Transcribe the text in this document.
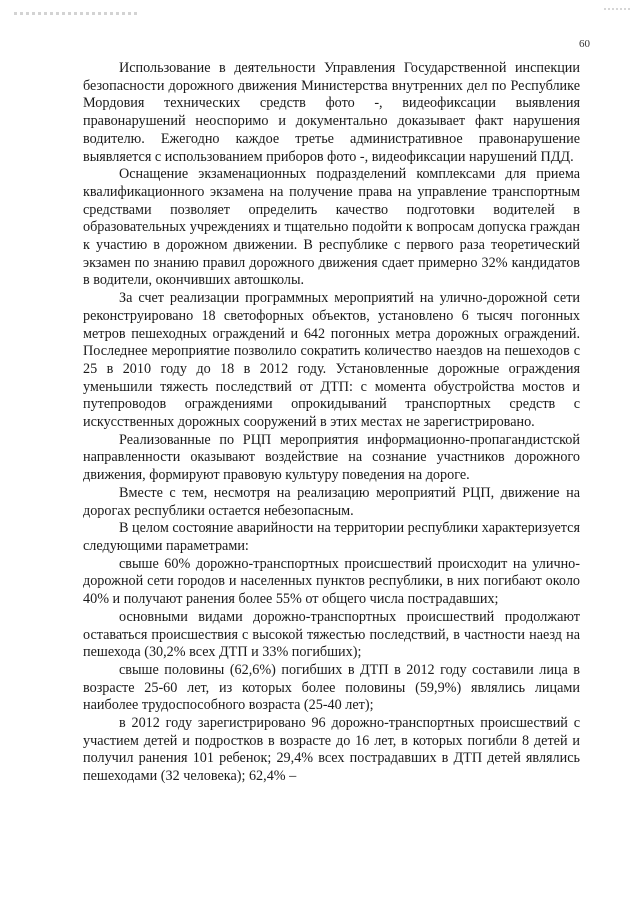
60

Использование в деятельности Управления Государственной инспекции безопасности дорожного движения Министерства внутренних дел по Республике Мордовия технических средств фото -, видеофиксации выявления правонарушений неоспоримо и документально доказывает факт нарушения водителю. Ежегодно каждое третье административное правонарушение выявляется с использованием приборов фото -, видеофиксации нарушений ПДД.

Оснащение экзаменационных подразделений комплексами для приема квалификационного экзамена на получение права на управление транспортным средствами позволяет определить качество подготовки водителей в образовательных учреждениях и тщательно подойти к вопросам допуска граждан к участию в дорожном движении. В республике с первого раза теоретический экзамен по знанию правил дорожного движения сдает примерно 32% кандидатов в водители, окончивших автошколы.

За счет реализации программных мероприятий на улично-дорожной сети реконструировано 18 светофорных объектов, установлено 6 тысяч погонных метров пешеходных ограждений и 642 погонных метра дорожных ограждений. Последнее мероприятие позволило сократить количество наездов на пешеходов с 25 в 2010 году до 18 в 2012 году. Установленные дорожные ограждения уменьшили тяжесть последствий от ДТП: с момента обустройства мостов и путепроводов ограждениями опрокидываний транспортных средств с искусственных дорожных сооружений в этих местах не зарегистрировано.

Реализованные по РЦП мероприятия информационно-пропагандистской направленности оказывают воздействие на сознание участников дорожного движения, формируют правовую культуру поведения на дороге.

Вместе с тем, несмотря на реализацию мероприятий РЦП, движение на дорогах республики остается небезопасным.

В целом состояние аварийности на территории республики характеризуется следующими параметрами:

свыше 60% дорожно-транспортных происшествий происходит на улично-дорожной сети городов и населенных пунктов республики, в них погибают около 40% и получают ранения более 55% от общего числа пострадавших;

основными видами дорожно-транспортных происшествий продолжают оставаться происшествия с высокой тяжестью последствий, в частности наезд на пешехода (30,2% всех ДТП и 33% погибших);

свыше половины (62,6%) погибших в ДТП в 2012 году составили лица в возрасте 25-60 лет, из которых более половины (59,9%) являлись лицами наиболее трудоспособного возраста (25-40 лет);

в 2012 году зарегистрировано 96 дорожно-транспортных происшествий с участием детей и подростков в возрасте до 16 лет, в которых погибли 8 детей и получил ранения 101 ребенок; 29,4% всех пострадавших в ДТП детей являлись пешеходами (32 человека); 62,4% –
